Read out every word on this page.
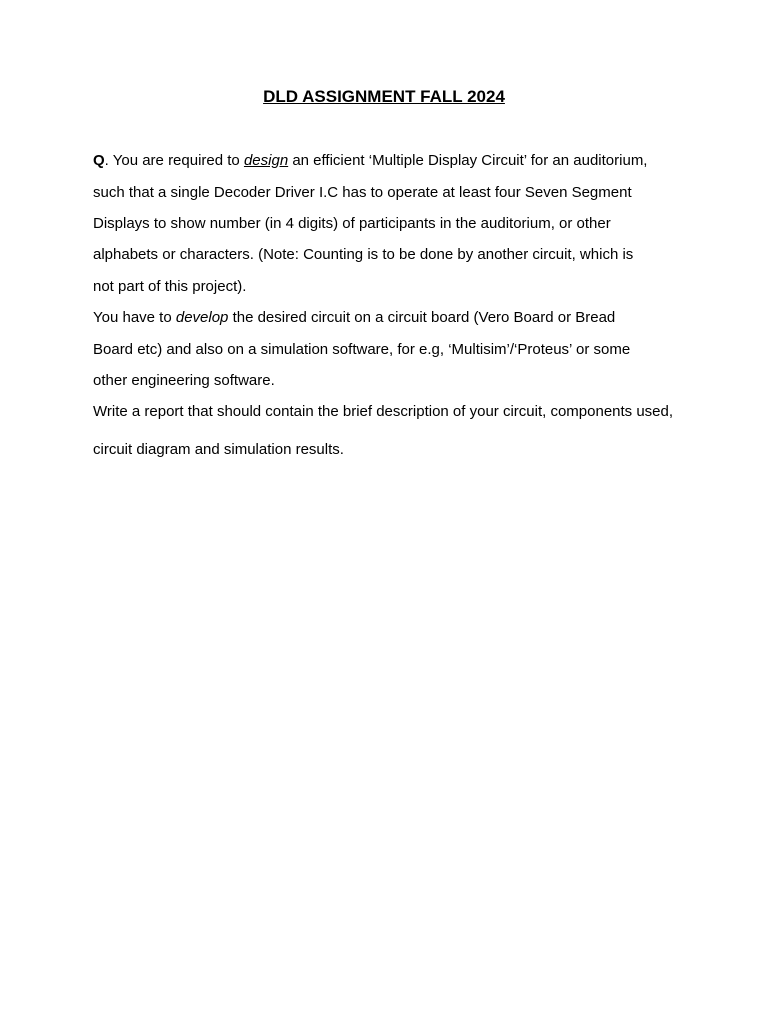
DLD ASSIGNMENT FALL 2024
Q. You are required to design an efficient ‘Multiple Display Circuit’ for an auditorium,
such that a single Decoder Driver I.C has to operate at least four Seven Segment
Displays to show number (in 4 digits) of participants in the auditorium, or other
alphabets or characters. (Note: Counting is to be done by another circuit, which is
not part of this project).
You have to develop the desired circuit on a circuit board (Vero Board or Bread
Board etc) and also on a simulation software, for e.g, ‘Multisim’/‘Proteus’ or some
other engineering software.
Write a report that should contain the brief description of your circuit, components used,
circuit diagram and simulation results.
